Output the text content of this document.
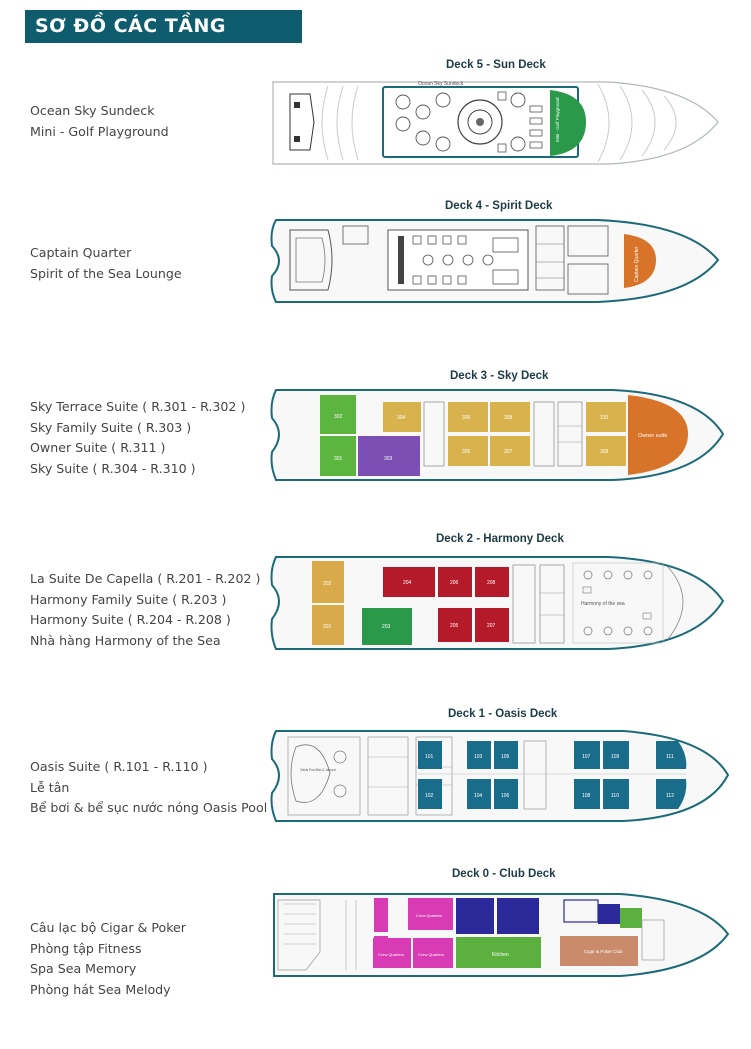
SƠ ĐỒ CÁC TẦNG
Deck 5 - Sun Deck
Ocean Sky Sundeck
Mini - Golf Playground
Ocean Sky Sundeck
Mini - Golf Playground
Deck 4 - Spirit Deck
Captain Quarter
Spirit of the Sea Lounge	Captain Quarter
Deck 3 - Sky Deck
Sky Terrace Suite ( R.301 - R.302 )
Sky Family Suite ( R.303 )
Owner Suite ( R.311 )
Sky Suite ( R.304 - R.310 )
302
301	303
304	306
305
308
307
310
309
Owner suite
Deck 2 - Harmony Deck
La Suite De Capella ( R.201 - R.202 )
Harmony Family Suite ( R.203 )
Harmony Suite ( R.204 - R.208 )
Nhà hàng Harmony of the Sea
202
201	203
204	206	208
205	207
Harmony of the sea
Deck 1 - Oasis Deck
Oasis Suite ( R.101 - R.110 )
Lễ tân
Bể bơi & bể sục nước nóng Oasis Pool
Oasis Pool Bar & Jacuzzi
101
102
103
104
105
106
107
108
109
110
111
112
Deck 0 - Club Deck
Câu lạc bộ Cigar & Poker
Phòng tập Fitness
Spa Sea Memory
Phòng hát Sea Melody
Crew Quarters
Crew Quarters	Crew Quarters	Kitchen
Cigar & Poker Club
